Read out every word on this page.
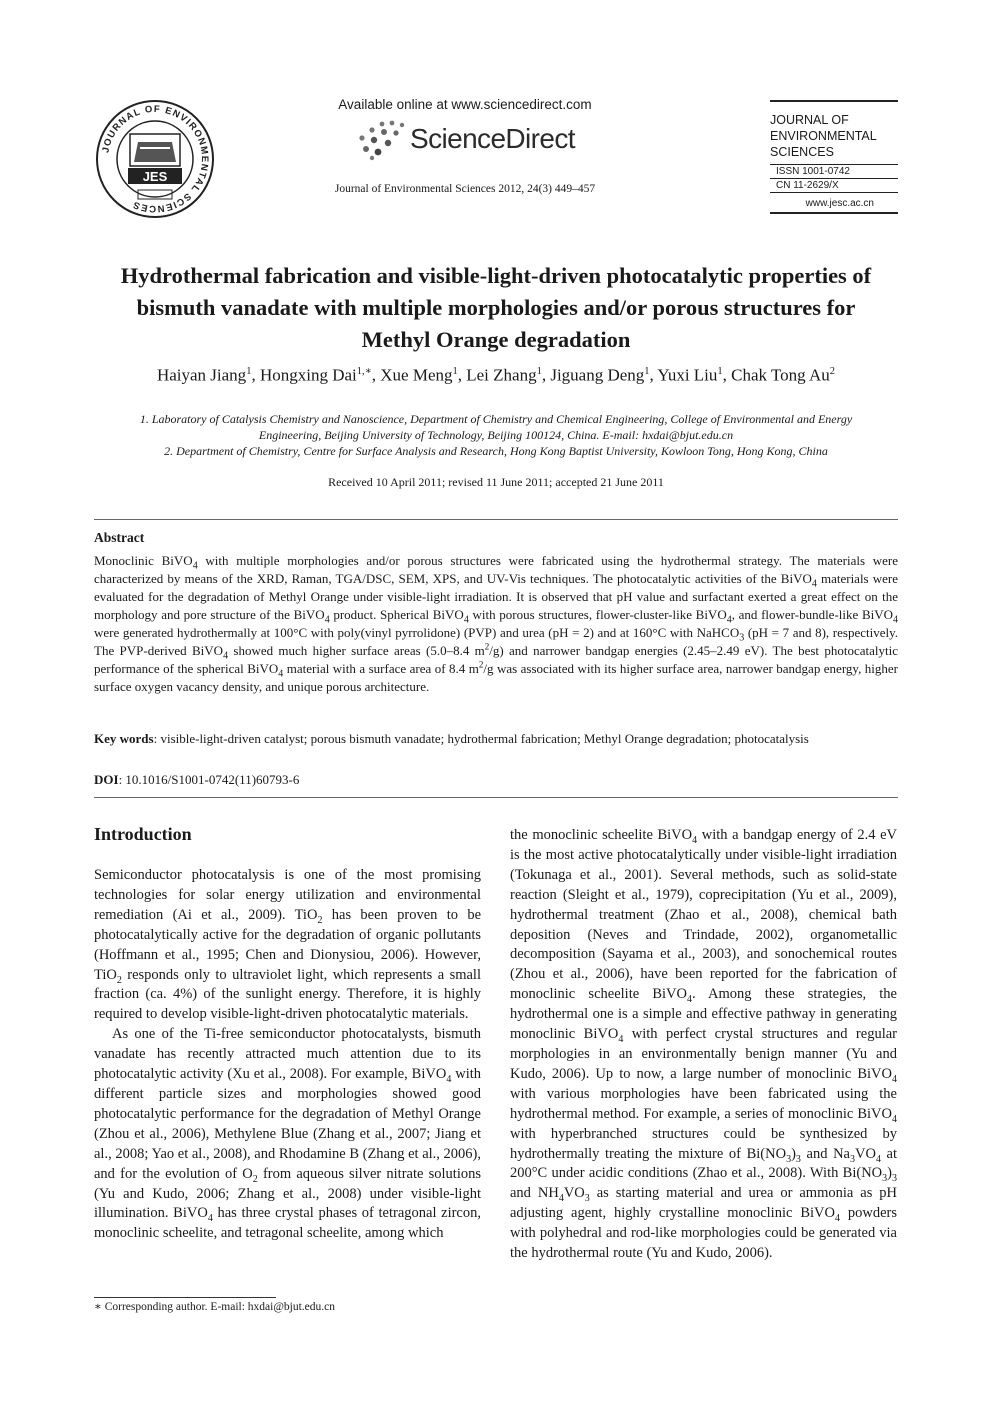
JOURNAL OF ENVIRONMENTAL SCIENCES
JES
Available online at www.sciencedirect.com
ScienceDirect
Journal of Environmental Sciences 2012, 24(3) 449–457
JOURNAL OF
ENVIRONMENTAL
SCIENCES
ISSN 1001-0742
CN 11-2629/X
www.jesc.ac.cn
Hydrothermal fabrication and visible-light-driven photocatalytic properties of
bismuth vanadate with multiple morphologies and/or porous structures for
Methyl Orange degradation
Haiyan Jiang$^1$, Hongxing Dai$^{1,∗}$, Xue Meng$^1$, Lei Zhang$^1$, Jiguang Deng$^1$, Yuxi Liu$^1$, Chak Tong Au$^2$
1. Laboratory of Catalysis Chemistry and Nanoscience, Department of Chemistry and Chemical Engineering, College of Environmental and Energy
Engineering, Beijing University of Technology, Beijing 100124, China. E-mail: hxdai@bjut.edu.cn
2. Department of Chemistry, Centre for Surface Analysis and Research, Hong Kong Baptist University, Kowloon Tong, Hong Kong, China
Received 10 April 2011; revised 11 June 2011; accepted 21 June 2011
Abstract
Monoclinic BiVO$_4$ with multiple morphologies and/or porous structures were fabricated using the hydrothermal strategy. The materials were characterized by means of the XRD, Raman, TGA/DSC, SEM, XPS, and UV-Vis techniques. The photocatalytic activities of the BiVO$_4$ materials were evaluated for the degradation of Methyl Orange under visible-light irradiation. It is observed that pH value and surfactant exerted a great effect on the morphology and pore structure of the BiVO$_4$ product. Spherical BiVO$_4$ with porous structures, flower-cluster-like BiVO$_4$, and flower-bundle-like BiVO$_4$ were generated hydrothermally at 100°C with poly(vinyl pyrrolidone) (PVP) and urea (pH = 2) and at 160°C with NaHCO$_3$ (pH = 7 and 8), respectively. The PVP-derived BiVO$_4$ showed much higher surface areas (5.0–8.4 $m^2/g$) and narrower bandgap energies (2.45–2.49 eV). The best photocatalytic performance of the spherical BiVO$_4$ material with a surface area of 8.4 $m^2/g$ was associated with its higher surface area, narrower bandgap energy, higher surface oxygen vacancy density, and unique porous architecture.
Key words: visible-light-driven catalyst; porous bismuth vanadate; hydrothermal fabrication; Methyl Orange degradation; photocatalysis
DOI: 10.1016/S1001-0742(11)60793-6
Introduction

Semiconductor photocatalysis is one of the most promising technologies for solar energy utilization and environmental remediation (Ai et al., 2009). TiO$_2$ has been proven to be photocatalytically active for the degradation of organic pollutants (Hoffmann et al., 1995; Chen and Dionysiou, 2006). However, TiO$_2$ responds only to ultraviolet light, which represents a small fraction (ca. 4%) of the sunlight energy. Therefore, it is highly required to develop visible-light-driven photocatalytic materials.

As one of the Ti-free semiconductor photocatalysts, bismuth vanadate has recently attracted much attention due to its photocatalytic activity (Xu et al., 2008). For example, BiVO$_4$ with different particle sizes and morphologies showed good photocatalytic performance for the degradation of Methyl Orange (Zhou et al., 2006), Methylene Blue (Zhang et al., 2007; Jiang et al., 2008; Yao et al., 2008), and Rhodamine B (Zhang et al., 2006), and for the evolution of $O_2$ from aqueous silver nitrate solutions (Yu and Kudo, 2006; Zhang et al., 2008) under visible-light illumination. BiVO$_4$ has three crystal phases of tetragonal zircon, monoclinic scheelite, and tetragonal scheelite, among which

the monoclinic scheelite BiVO$_4$ with a bandgap energy of 2.4 eV is the most active photocatalytically under visible-light irradiation (Tokunaga et al., 2001). Several methods, such as solid-state reaction (Sleight et al., 1979), coprecipitation (Yu et al., 2009), hydrothermal treatment (Zhao et al., 2008), chemical bath deposition (Neves and Trindade, 2002), organometallic decomposition (Sayama et al., 2003), and sonochemical routes (Zhou et al., 2006), have been reported for the fabrication of monoclinic scheelite BiVO$_4$. Among these strategies, the hydrothermal one is a simple and effective pathway in generating monoclinic BiVO$_4$ with perfect crystal structures and regular morphologies in an environmentally benign manner (Yu and Kudo, 2006). Up to now, a large number of monoclinic BiVO$_4$ with various morphologies have been fabricated using the hydrothermal method. For example, a series of monoclinic BiVO$_4$ with hyperbranched structures could be synthesized by hydrothermally treating the mixture of $Bi(NO_3)_3$ and $Na_3VO_4$ at 200°C under acidic conditions (Zhao et al., 2008). With $Bi(NO_3)_3$ and $NH_4VO_3$ as starting material and urea or ammonia as pH adjusting agent, highly crystalline monoclinic BiVO$_4$ powders with polyhedral and rod-like morphologies could be generated via the hydrothermal route (Yu and Kudo, 2006).

∗ Corresponding author. E-mail: hxdai@bjut.edu.cn
